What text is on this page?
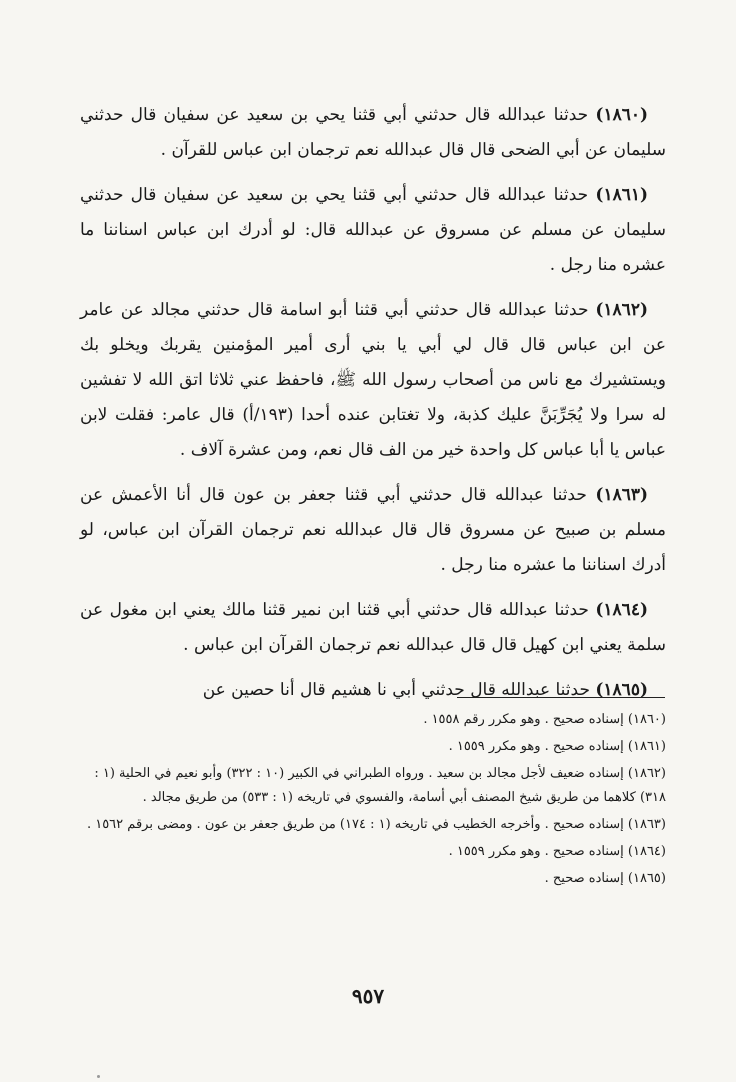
(١٨٦٠) حدثنا عبدالله قال حدثني أبي قثنا يحي بن سعيد عن سفيان قال حدثني سليمان عن أبي الضحى قال قال عبدالله نعم ترجمان ابن عباس للقرآن .

(١٨٦١) حدثنا عبدالله قال حدثني أبي قثنا يحي بن سعيد عن سفيان قال حدثني سليمان عن مسلم عن مسروق عن عبدالله قال: لو أدرك ابن عباس اسناننا ما عشره منا رجل .

(١٨٦٢) حدثنا عبدالله قال حدثني أبي قثنا أبو اسامة قال حدثني مجالد عن عامر عن ابن عباس قال قال لي أبي يا بني أرى أمير المؤمنين يقربك ويخلو بك ويستشيرك مع ناس من أصحاب رسول الله ﷺ، فاحفظ عني ثلاثا اتق الله لا تفشين له سرا ولا يُجَرِّبَنَّ عليك كذبة، ولا تغتابن عنده أحدا (١٩٣/أ) قال عامر: فقلت لابن عباس يا أبا عباس كل واحدة خير من الف قال نعم، ومن عشرة آلاف .

(١٨٦٣) حدثنا عبدالله قال حدثني أبي قثنا جعفر بن عون قال أنا الأعمش عن مسلم بن صبيح عن مسروق قال قال عبدالله نعم ترجمان القرآن ابن عباس، لو أدرك اسناننا ما عشره منا رجل .

(١٨٦٤) حدثنا عبدالله قال حدثني أبي قثنا ابن نمير قثنا مالك يعني ابن مغول عن سلمة يعني ابن كهيل قال قال عبدالله نعم ترجمان القرآن ابن عباس .

(١٨٦٥) حدثنا عبدالله قال حدثني أبي نا هشيم قال أنا حصين عن

(١٨٦٠) إسناده صحيح . وهو مكرر رقم ١٥٥٨ .

(١٨٦١) إسناده صحيح . وهو مكرر ١٥٥٩ .

(١٨٦٢) إسناده ضعيف لأجل مجالد بن سعيد . ورواه الطبراني في الكبير (١٠ : ٣٢٢) وأبو نعيم في الحلية (١ : ٣١٨) كلاهما من طريق شيخ المصنف أبي أسامة، والفسوي في تاريخه (١ : ٥٣٣) من طريق مجالد .

(١٨٦٣) إسناده صحيح . وأخرجه الخطيب في تاريخه (١ : ١٧٤) من طريق جعفر بن عون . ومضى برقم ١٥٦٢ .

(١٨٦٤) إسناده صحيح . وهو مكرر ١٥٥٩ .

(١٨٦٥) إسناده صحيح .

٩٥٧
